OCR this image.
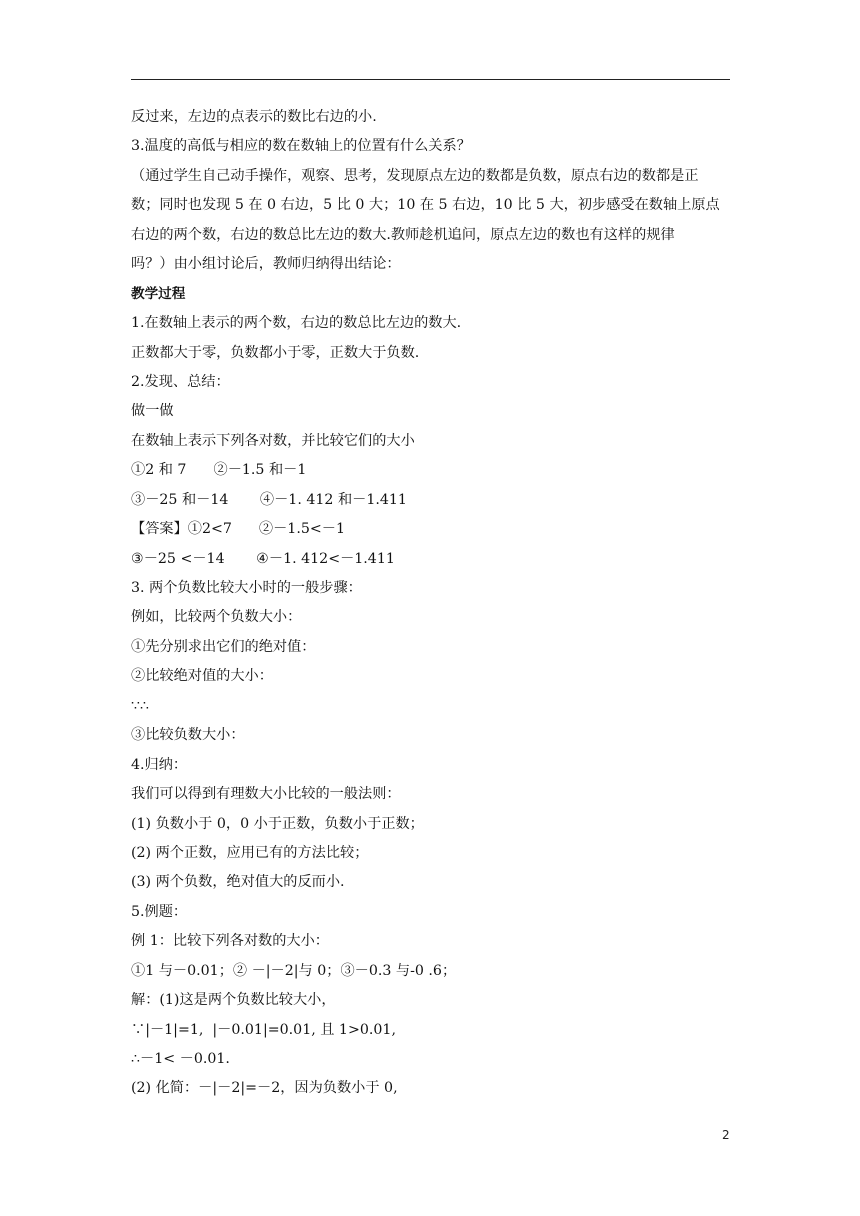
反过来，左边的点表示的数比右边的小.
3.温度的高低与相应的数在数轴上的位置有什么关系？
（通过学生自己动手操作，观察、思考，发现原点左边的数都是负数，原点右边的数都是正
数；同时也发现 5 在 0 右边，5 比 0 大；10 在 5 右边，10 比 5 大，初步感受在数轴上原点
右边的两个数，右边的数总比左边的数大.教师趁机追问，原点左边的数也有这样的规律
吗？）由小组讨论后，教师归纳得出结论：
教学过程
1.在数轴上表示的两个数，右边的数总比左边的数大.
正数都大于零，负数都小于零，正数大于负数.
2.发现、总结：
做一做
在数轴上表示下列各对数，并比较它们的大小
①2 和 7      ②－1.5 和－1
③－25 和－14       ④－1. 412 和－1.411
【答案】①2<7      ②－1.5<－1
③－25 <－14       ④－1. 412<－1.411
3. 两个负数比较大小时的一般步骤：
例如，比较两个负数大小：
①先分别求出它们的绝对值：
②比较绝对值的大小：
∵∴
③比较负数大小：
4.归纳：
我们可以得到有理数大小比较的一般法则：
(1) 负数小于 0，0 小于正数，负数小于正数；
(2) 两个正数，应用已有的方法比较；
(3) 两个负数，绝对值大的反而小.
5.例题：
例 1：比较下列各对数的大小：
①1 与－0.01；② －|－2|与 0；③－0.3 与-0 .6；
解：(1)这是两个负数比较大小，
∵|－1|=1,  |－0.01|=0.01, 且 1>0.01,
∴－1< －0.01.
(2) 化简：－|－2|=－2，因为负数小于 0,
2
